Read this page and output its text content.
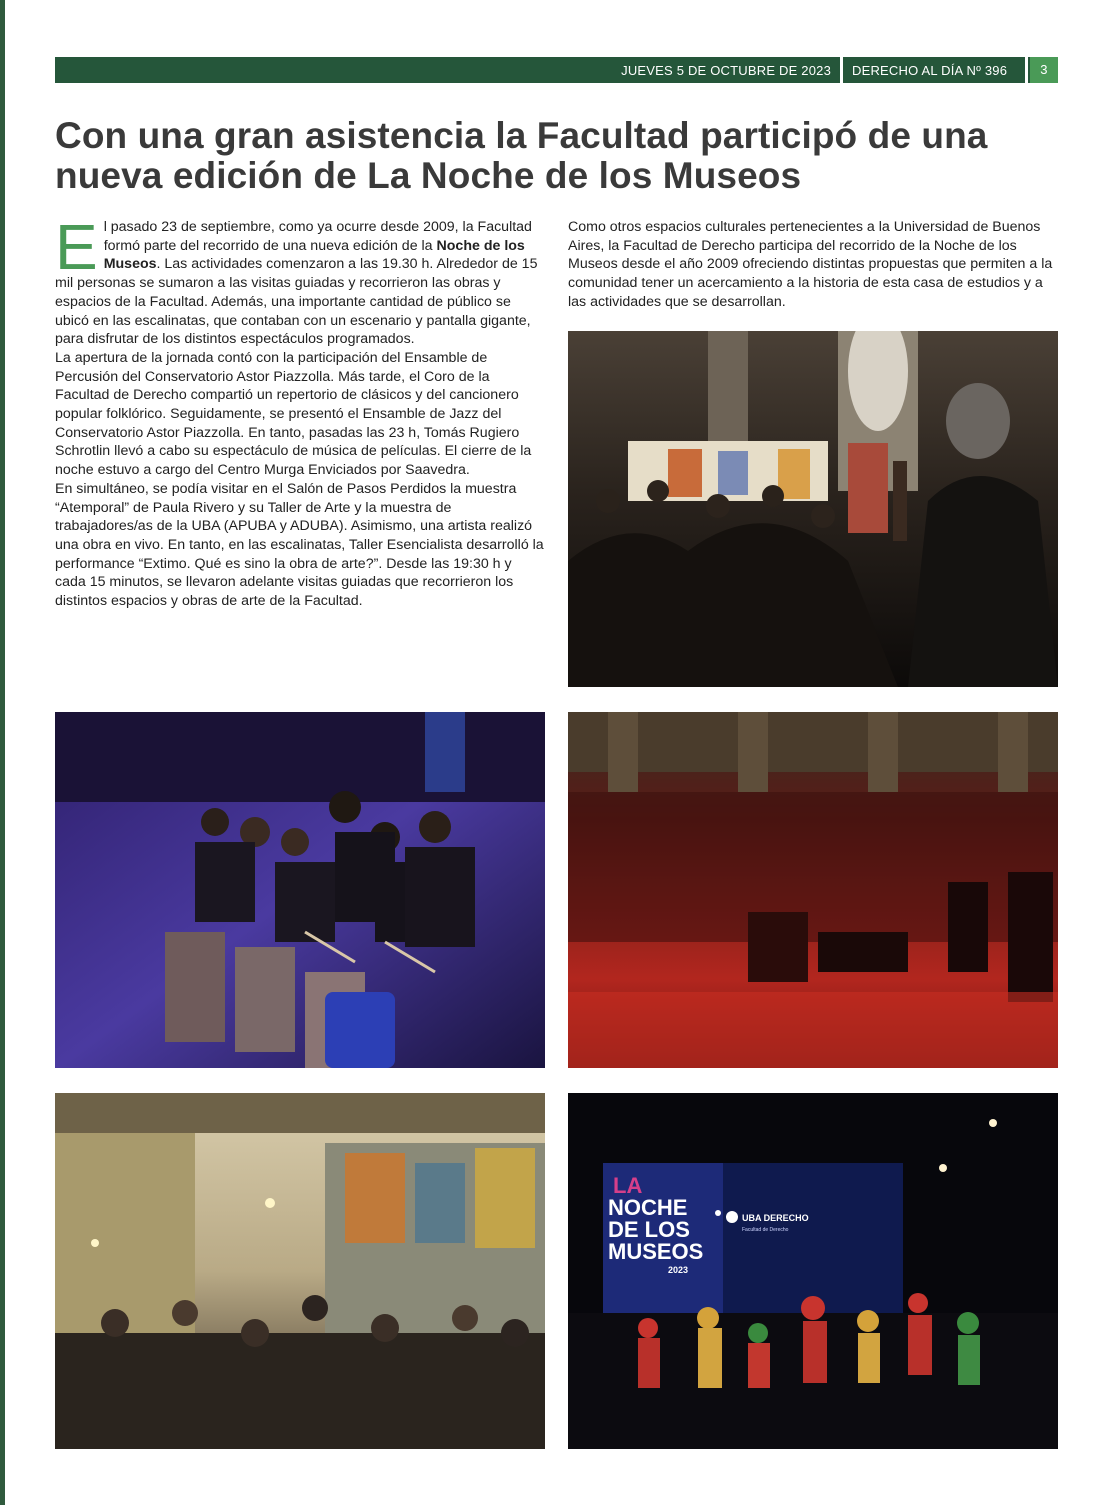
JUEVES 5 DE OCTUBRE DE 2023 DERECHO AL DÍA Nº 396	3
Con una gran asistencia la Facultad participó de una nueva edición de La Noche de los Museos

El pasado 23 de septiembre, como ya ocurre desde 2009, la Facultad formó parte del recorrido de una nueva edición de la Noche de los Museos. Las actividades comenzaron a las 19.30 h. Alrededor de 15 mil personas se sumaron a las visitas guiadas y recorrieron las obras y espacios de la Facultad. Además, una importante cantidad de público se ubicó en las escalinatas, que contaban con un escenario y pantalla gigante, para disfrutar de los distintos espectáculos programados.

La apertura de la jornada contó con la participación del Ensamble de Percusión del Conservatorio Astor Piazzolla. Más tarde, el Coro de la Facultad de Derecho compartió un repertorio de clásicos y del cancionero popular folklórico. Seguidamente, se presentó el Ensamble de Jazz del Conservatorio Astor Piazzolla. En tanto, pasadas las 23 h, Tomás Rugiero Schrotlin llevó a cabo su espectáculo de música de películas. El cierre de la noche estuvo a cargo del Centro Murga Enviciados por Saavedra.

En simultáneo, se podía visitar en el Salón de Pasos Perdidos la muestra “Atemporal” de Paula Rivero y su Taller de Arte y la muestra de trabajadores/as de la UBA (APUBA y ADUBA). Asimismo, una artista realizó una obra en vivo. En tanto, en las escalinatas, Taller Esencialista desarrolló la performance “Extimo. Qué es sino la obra de arte?”. Desde las 19:30 h y cada 15 minutos, se llevaron adelante visitas guiadas que recorrieron los distintos espacios y obras de arte de la Facultad.

Como otros espacios culturales pertenecientes a la Universidad de Buenos Aires, la Facultad de Derecho participa del recorrido de la Noche de los Museos desde el año 2009 ofreciendo distintas propuestas que permiten a la comunidad tener un acercamiento a la historia de esta casa de estudios y a las actividades que se desarrollan.

LA
NOCHE
DE LOS
MUSEOS
2023
UBA DERECHO
Facultad de Derecho
